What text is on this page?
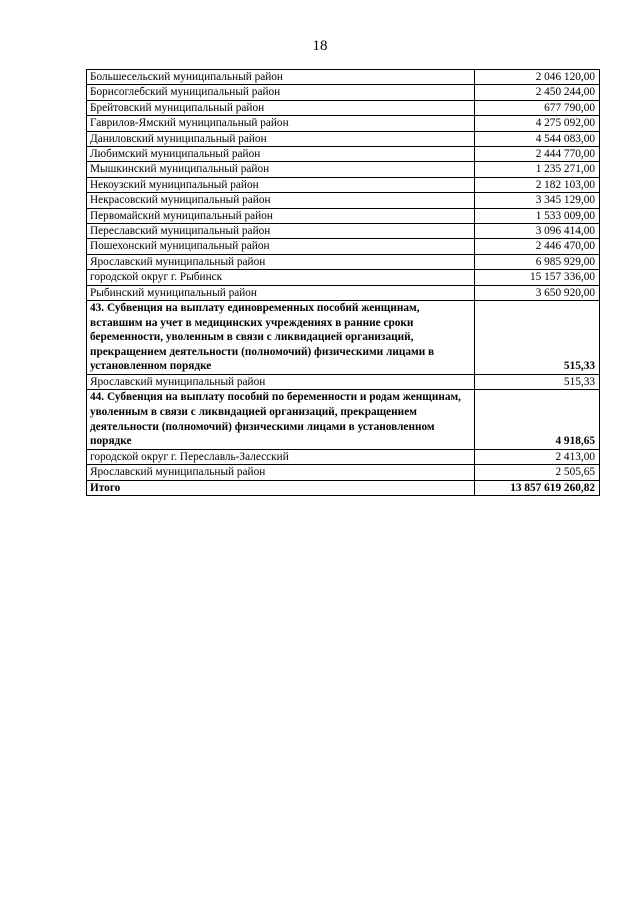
18
Большесельский муниципальный район	2 046 120,00
Борисоглебский муниципальный район	2 450 244,00
Брейтовский муниципальный район	677 790,00
Гаврилов-Ямский муниципальный район	4 275 092,00
Даниловский муниципальный район	4 544 083,00
Любимский муниципальный район	2 444 770,00
Мышкинский муниципальный район	1 235 271,00
Некоузский муниципальный район	2 182 103,00
Некрасовский муниципальный район	3 345 129,00
Первомайский муниципальный район	1 533 009,00
Переславский муниципальный район	3 096 414,00
Пошехонский муниципальный район	2 446 470,00
Ярославский муниципальный район	6 985 929,00
городской округ г. Рыбинск	15 157 336,00
Рыбинский муниципальный район	3 650 920,00
43. Субвенция на выплату единовременных пособий женщинам, вставшим на учет в медицинских учреждениях в ранние сроки беременности, уволенным в связи с ликвидацией организаций, прекращением деятельности (полномочий) физическими лицами в установленном порядке	515,33
Ярославский муниципальный район	515,33
44. Субвенция на выплату пособий по беременности и родам женщинам, уволенным в связи с ликвидацией организаций, прекращением деятельности (полномочий) физическими лицами в установленном порядке	4 918,65
городской округ г. Переславль-Залесский	2 413,00
Ярославский муниципальный район	2 505,65
Итого	13 857 619 260,82
